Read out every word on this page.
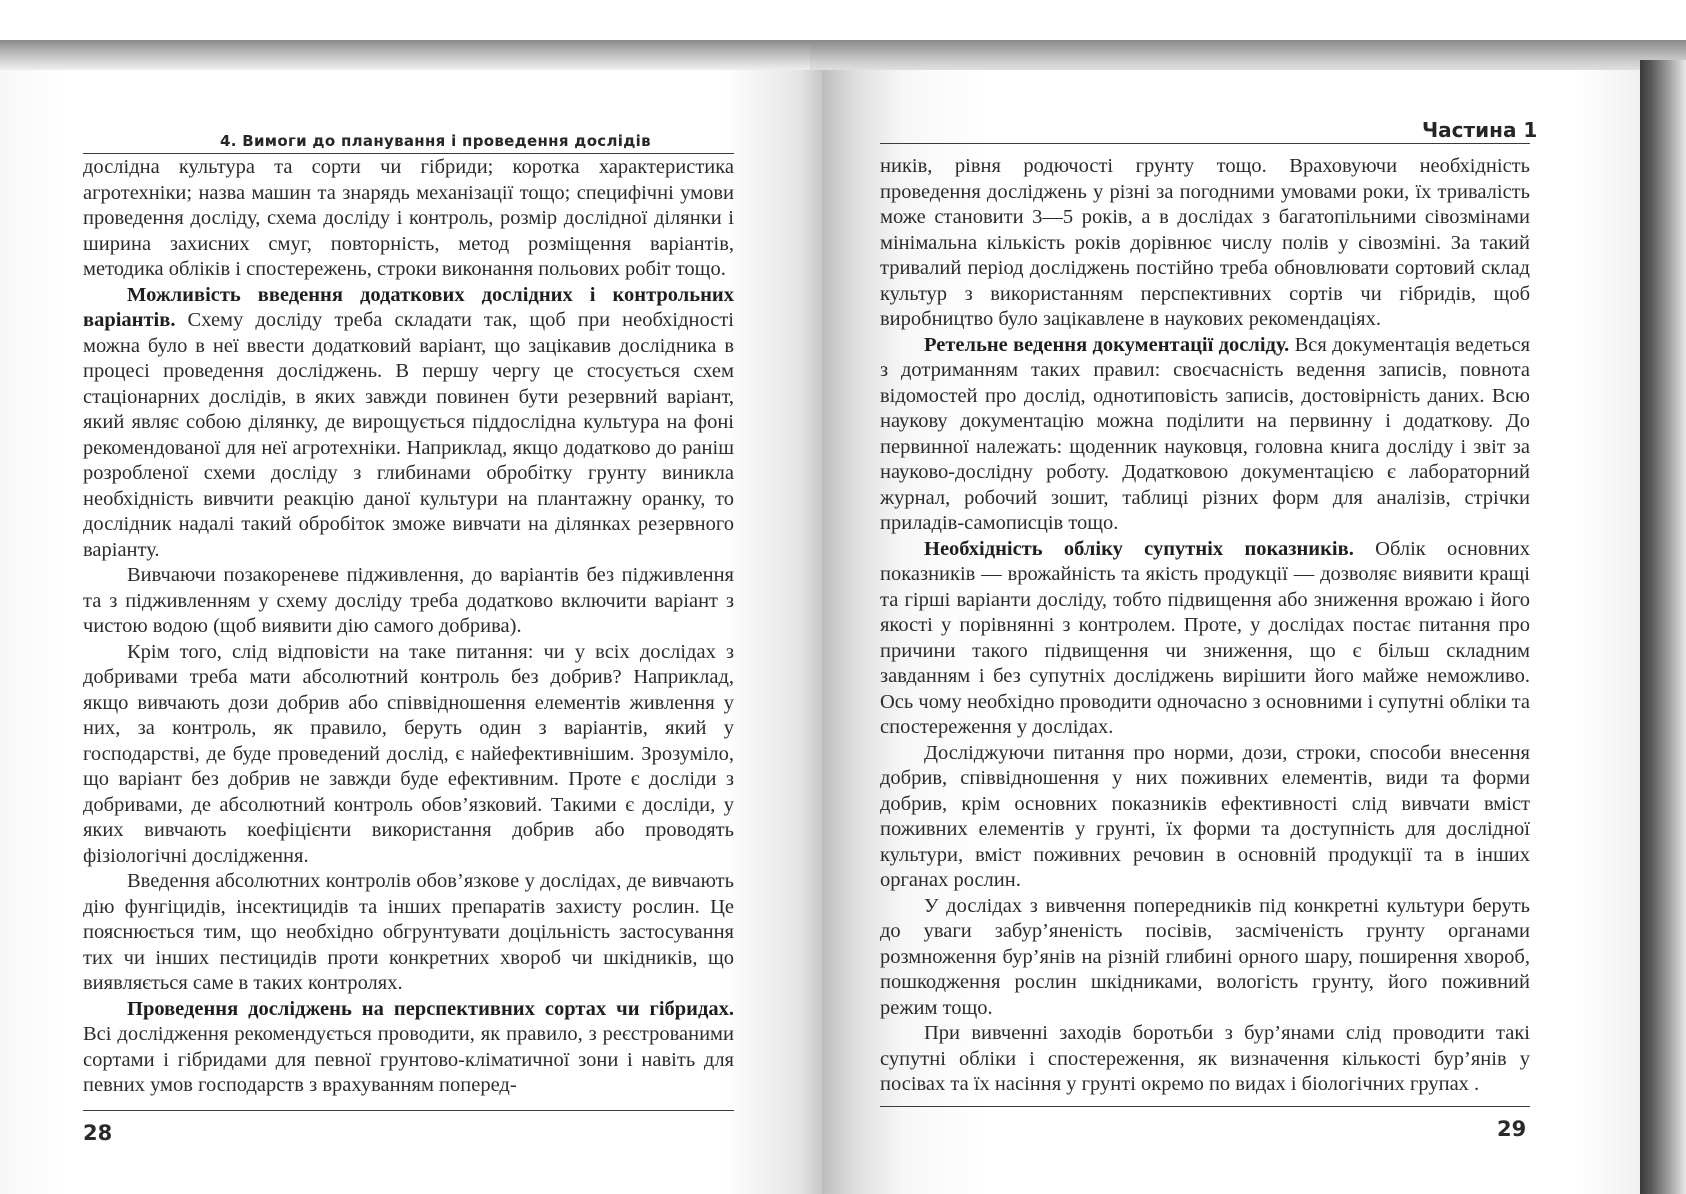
4. Вимоги до планування і проведення дослідів

дослідна культура та сорти чи гібриди; коротка характеристика агротехніки; назва машин та знарядь механізації тощо; специфічні умови проведення досліду, схема досліду і контроль, розмір дослідної ділянки і ширина захисних смуг, повторність, метод розміщення варіантів, методика обліків і спостережень, строки виконання польових робіт тощо.

Можливість введення додаткових дослідних і контрольних варіантів. Схему досліду треба складати так, щоб при необхідності можна було в неї ввести додатковий варіант, що зацікавив дослідника в процесі проведення досліджень. В першу чергу це стосується схем стаціонарних дослідів, в яких завжди повинен бути резервний варіант, який являє собою ділянку, де вирощується піддослідна культура на фоні рекомендованої для неї агротехніки. Наприклад, якщо додатково до раніш розробленої схеми досліду з глибинами обробітку грунту виникла необхідність вивчити реакцію даної культури на плантажну оранку, то дослідник надалі такий обробіток зможе вивчати на ділянках резервного варіанту.

Вивчаючи позакореневе підживлення, до варіантів без підживлення та з підживленням у схему досліду треба додатково включити варіант з чистою водою (щоб виявити дію самого добрива).

Крім того, слід відповісти на таке питання: чи у всіх дослідах з добривами треба мати абсолютний контроль без добрив? Наприклад, якщо вивчають дози добрив або співвідношення елементів живлення у них, за контроль, як правило, беруть один з варіантів, який у господарстві, де буде проведений дослід, є найефективнішим. Зрозуміло, що варіант без добрив не завжди буде ефективним. Проте є досліди з добривами, де абсолютний контроль обов’язковий. Такими є досліди, у яких вивчають коефіцієнти використання добрив або проводять фізіологічні дослідження.

Введення абсолютних контролів обов’язкове у дослідах, де вивчають дію фунгіцидів, інсектицидів та інших препаратів захисту рослин. Це пояснюється тим, що необхідно обгрунтувати доцільність застосування тих чи інших пестицидів проти конкретних хвороб чи шкідників, що виявляється саме в таких контролях.

Проведення досліджень на перспективних сортах чи гібридах. Всі дослідження рекомендується проводити, як правило, з реєстрованими сортами і гібридами для певної грунтово-кліматичної зони і навіть для певних умов господарств з врахуванням поперед-

28
Частина 1

ників, рівня родючості грунту тощо. Враховуючи необхідність проведення досліджень у різні за погодними умовами роки, їх тривалість може становити 3—5 років, а в дослідах з багатопільними сівозмінами мінімальна кількість років дорівнює числу полів у сівозміні. За такий тривалий період досліджень постійно треба обновлювати сортовий склад культур з використанням перспективних сортів чи гібридів, щоб виробництво було зацікавлене в наукових рекомендаціях.

Ретельне ведення документації досліду. Вся документація ведеться з дотриманням таких правил: своєчасність ведення записів, повнота відомостей про дослід, однотиповість записів, достовірність даних. Всю наукову документацію можна поділити на первинну і додаткову. До первинної належать: щоденник науковця, головна книга досліду і звіт за науково-дослідну роботу. Додатковою документацією є лабораторний журнал, робочий зошит, таблиці різних форм для аналізів, стрічки приладів-самописців тощо.

Необхідність обліку супутніх показників. Облік основних показників — врожайність та якість продукції — дозволяє виявити кращі та гірші варіанти досліду, тобто підвищення або зниження врожаю і його якості у порівнянні з контролем. Проте, у дослідах постає питання про причини такого підвищення чи зниження, що є більш складним завданням і без супутніх досліджень вирішити його майже неможливо. Ось чому необхідно проводити одночасно з основними і супутні обліки та спостереження у дослідах.

Досліджуючи питання про норми, дози, строки, способи внесення добрив, співвідношення у них поживних елементів, види та форми добрив, крім основних показників ефективності слід вивчати вміст поживних елементів у грунті, їх форми та доступність для дослідної культури, вміст поживних речовин в основній продукції та в інших органах рослин.

У дослідах з вивчення попередників під конкретні культури беруть до уваги забур’яненість посівів, засміченість грунту органами розмноження бур’янів на різній глибині орного шару, поширення хвороб, пошкодження рослин шкідниками, вологість грунту, його поживний режим тощо.

При вивченні заходів боротьби з бур’янами слід проводити такі супутні обліки і спостереження, як визначення кількості бур’янів у посівах та їх насіння у грунті окремо по видах і біологічних групах .

29
